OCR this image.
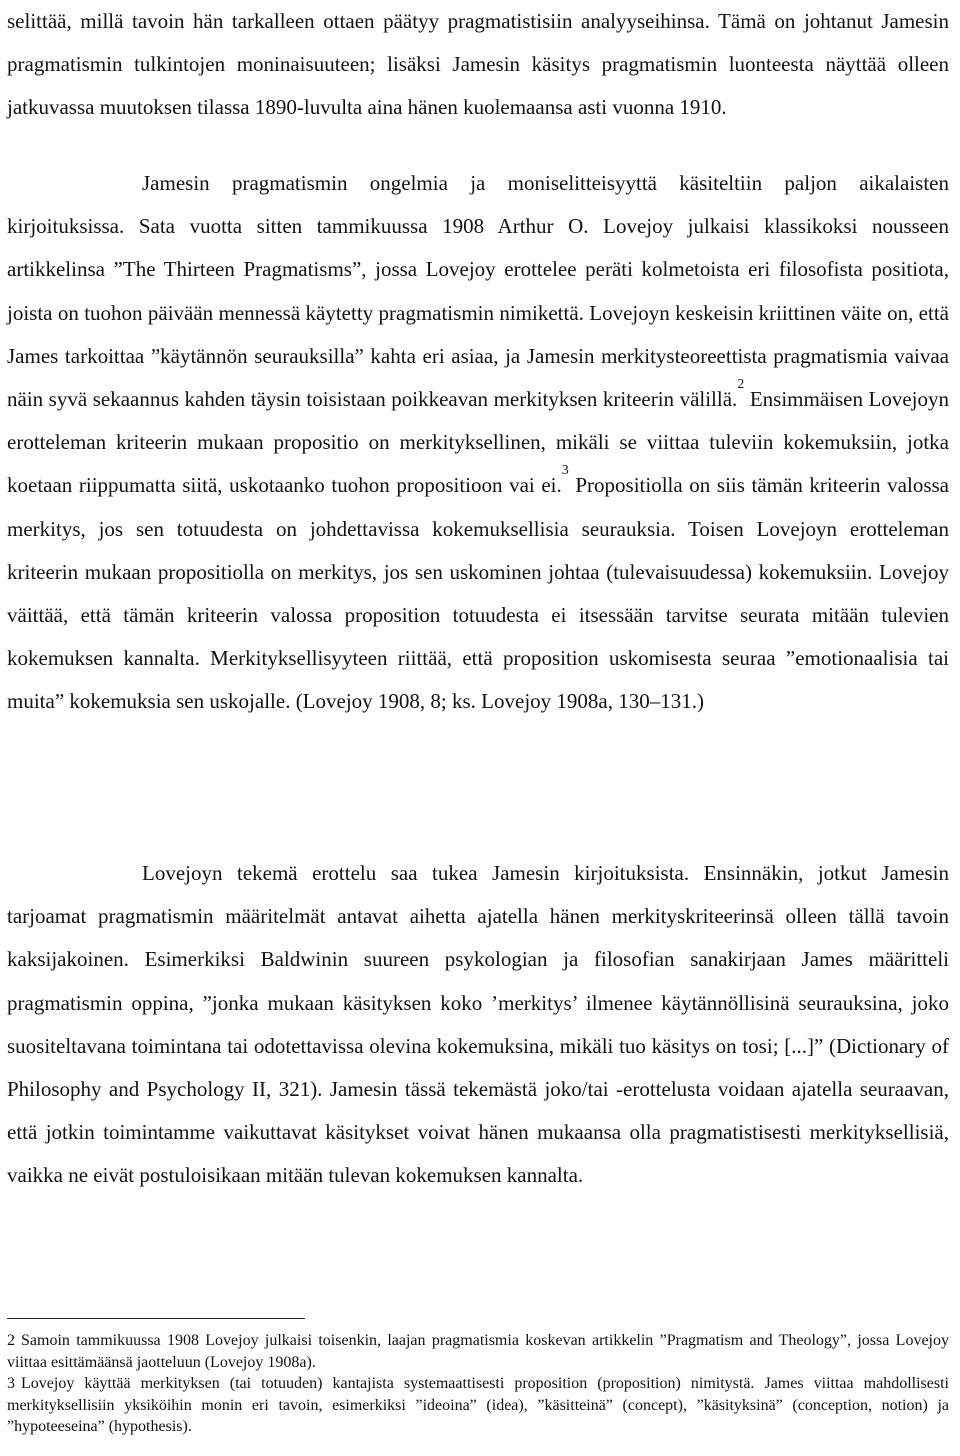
selittää, millä tavoin hän tarkalleen ottaen päätyy pragmatistisiin analyyseihinsa. Tämä on johtanut Jamesin pragmatismin tulkintojen moninaisuuteen; lisäksi Jamesin käsitys pragmatismin luonteesta näyttää olleen jatkuvassa muutoksen tilassa 1890-luvulta aina hänen kuolemaansa asti vuonna 1910.

Jamesin pragmatismin ongelmia ja moniselitteisyyttä käsiteltiin paljon aikalaisten kirjoituksissa. Sata vuotta sitten tammikuussa 1908 Arthur O. Lovejoy julkaisi klassikoksi nousseen artikkelinsa ”The Thirteen Pragmatisms”, jossa Lovejoy erottelee peräti kolmetoista eri filosofista positiota, joista on tuohon päivään mennessä käytetty pragmatismin nimikettä. Lovejoyn keskeisin kriittinen väite on, että James tarkoittaa ”käytännön seurauksilla” kahta eri asiaa, ja Jamesin merkitysteoreettista pragmatismia vaivaa näin syvä sekaannus kahden täysin toisistaan poikkeavan merkityksen kriteerin välillä.$^2$ Ensimmäisen Lovejoyn erotteleman kriteerin mukaan propositio on merkityksellinen, mikäli se viittaa tuleviin kokemuksiin, jotka koetaan riippumatta siitä, uskotaanko tuohon propositioon vai ei.$^3$ Propositiolla on siis tämän kriteerin valossa merkitys, jos sen totuudesta on johdettavissa kokemuksellisia seurauksia. Toisen Lovejoyn erotteleman kriteerin mukaan propositiolla on merkitys, jos sen uskominen johtaa (tulevaisuudessa) kokemuksiin. Lovejoy väittää, että tämän kriteerin valossa proposition totuudesta ei itsessään tarvitse seurata mitään tulevien kokemuksen kannalta. Merkityksellisyyteen riittää, että proposition uskomisesta seuraa ”emotionaalisia tai muita” kokemuksia sen uskojalle. (Lovejoy 1908, 8; ks. Lovejoy 1908a, 130–131.)

Lovejoyn tekemä erottelu saa tukea Jamesin kirjoituksista. Ensinnäkin, jotkut Jamesin tarjoamat pragmatismin määritelmät antavat aihetta ajatella hänen merkityskriteerinsä olleen tällä tavoin kaksijakoinen. Esimerkiksi Baldwinin suureen psykologian ja filosofian sanakirjaan James määritteli pragmatismin oppina, ”jonka mukaan käsityksen koko ’merkitys’ ilmenee käytännöllisinä seurauksina, joko suositeltavana toimintana tai odotettavissa olevina kokemuksina, mikäli tuo käsitys on tosi; [...]” (Dictionary of Philosophy and Psychology II, 321). Jamesin tässä tekemästä joko/tai -erottelusta voidaan ajatella seuraavan, että jotkin toimintamme vaikuttavat käsitykset voivat hänen mukaansa olla pragmatistisesti merkityksellisiä, vaikka ne eivät postuloisikaan mitään tulevan kokemuksen kannalta.

2 Samoin tammikuussa 1908 Lovejoy julkaisi toisenkin, laajan pragmatismia koskevan artikkelin ”Pragmatism and Theology”, jossa Lovejoy viittaa esittämäänsä jaotteluun (Lovejoy 1908a).

3 Lovejoy käyttää merkityksen (tai totuuden) kantajista systemaattisesti proposition (proposition) nimitystä. James viittaa mahdollisesti merkityksellisiin yksiköihin monin eri tavoin, esimerkiksi ”ideoina” (idea), ”käsitteinä” (concept), ”käsityksinä” (conception, notion) ja ”hypoteeseina” (hypothesis).
